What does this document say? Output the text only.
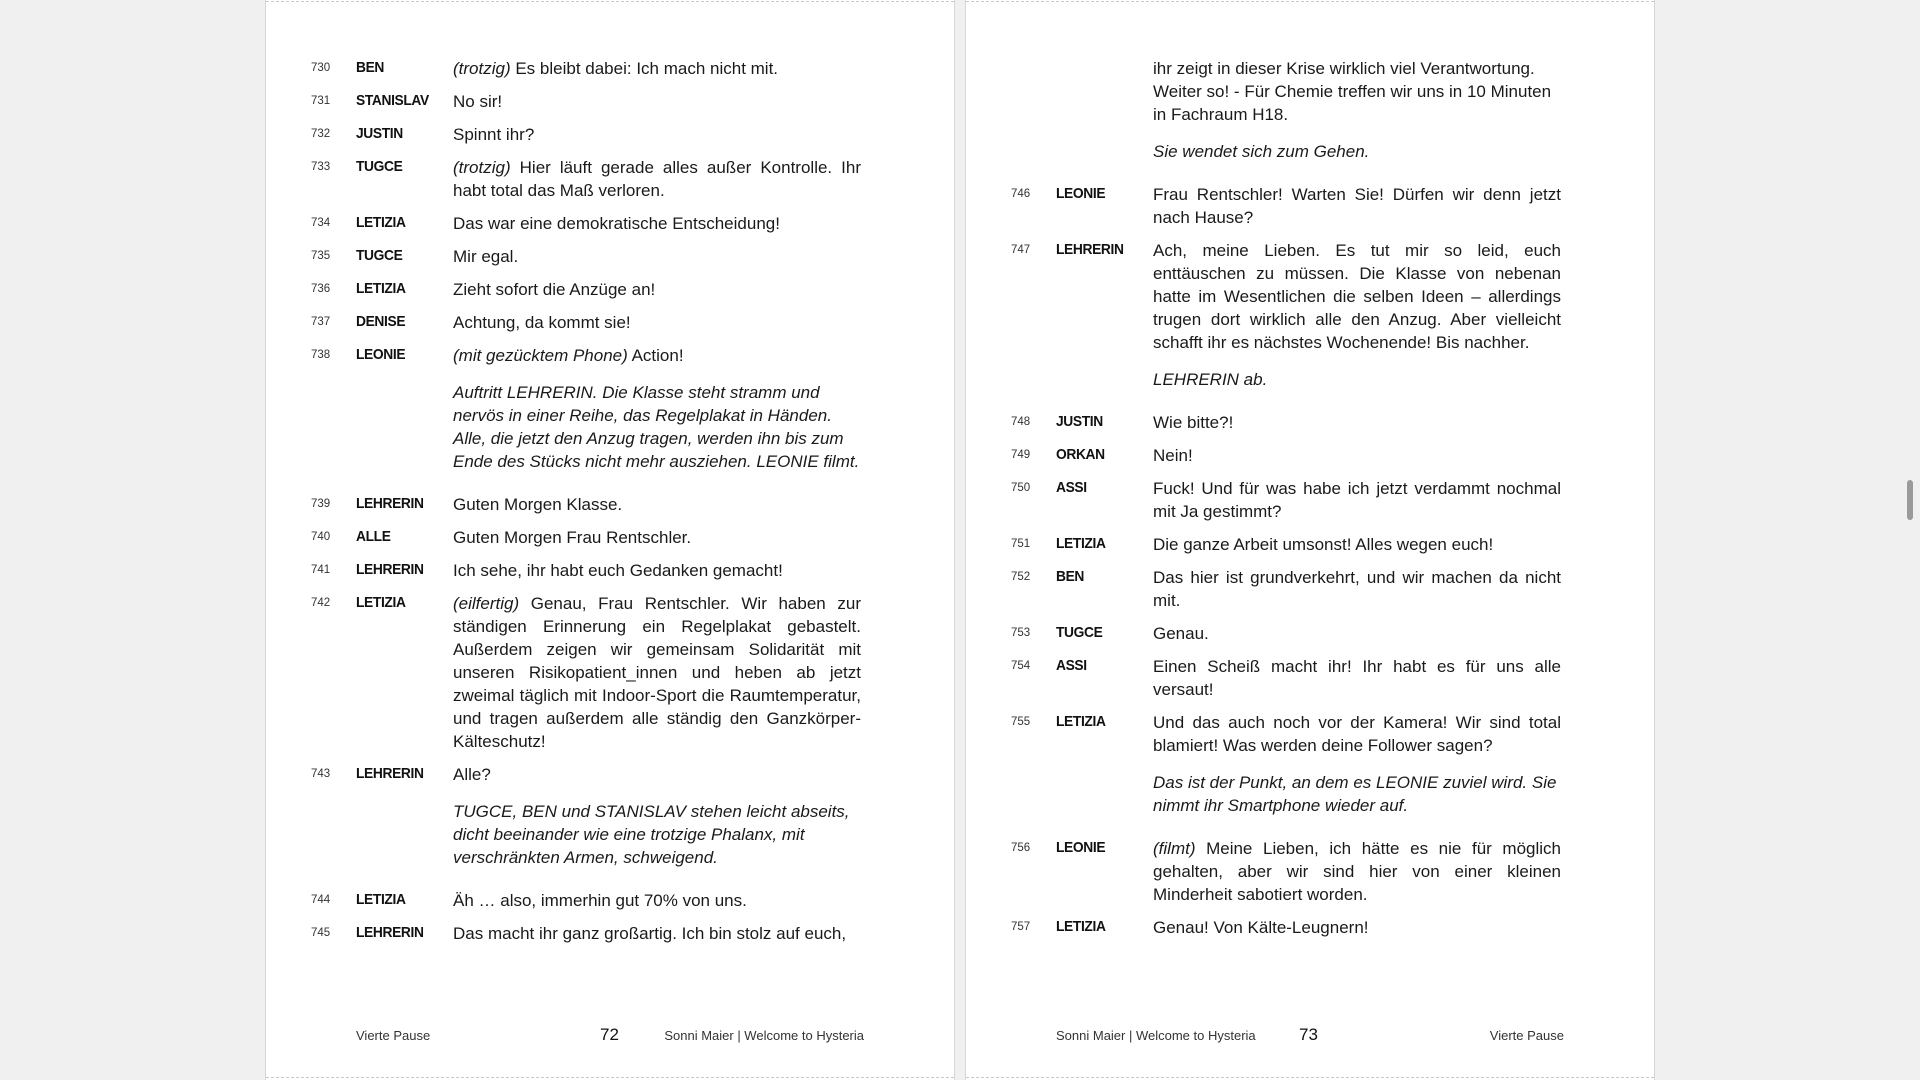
730	BEN	(trotzig) Es bleibt dabei: Ich mach nicht mit.
731	STANISLAV	No sir!
732	JUSTIN	Spinnt ihr?
733	TUGCE	(trotzig) Hier läuft gerade alles außer Kontrolle. Ihr habt total das Maß verloren.
734	LETIZIA	Das war eine demokratische Entscheidung!
735	TUGCE	Mir egal.
736	LETIZIA	Zieht sofort die Anzüge an!
737	DENISE	Achtung, da kommt sie!
738	LEONIE	(mit gezücktem Phone) Action!
Auftritt LEHRERIN. Die Klasse steht stramm und nervös in einer Reihe, das Regelplakat in Händen. Alle, die jetzt den Anzug tragen, werden ihn bis zum Ende des Stücks nicht mehr ausziehen. LEONIE filmt.
739	LEHRERIN	Guten Morgen Klasse.
740	ALLE	Guten Morgen Frau Rentschler.
741	LEHRERIN	Ich sehe, ihr habt euch Gedanken gemacht!
742	LETIZIA	(eilfertig) Genau, Frau Rentschler. Wir haben zur ständigen Erinnerung ein Regelplakat gebastelt. Außerdem zeigen wir gemeinsam Solidarität mit unseren Risikopatient_innen und heben ab jetzt zweimal täglich mit Indoor-Sport die Raumtemperatur, und tragen außerdem alle ständig den Ganzkörper-Kälteschutz!
743	LEHRERIN	Alle?
TUGCE, BEN und STANISLAV stehen leicht abseits, dicht beeinander wie eine trotzige Phalanx, mit verschränkten Armen, schweigend.
744	LETIZIA	Äh … also, immerhin gut 70% von uns.
745	LEHRERIN	Das macht ihr ganz großartig. Ich bin stolz auf euch,
Vierte Pause	72	Sonni Maier | Welcome to Hysteria
ihr zeigt in dieser Krise wirklich viel Verantwortung. Weiter so! - Für Chemie treffen wir uns in 10 Minuten in Fachraum H18.
Sie wendet sich zum Gehen.
746	LEONIE	Frau Rentschler! Warten Sie! Dürfen wir denn jetzt nach Hause?
747	LEHRERIN	Ach, meine Lieben. Es tut mir so leid, euch enttäuschen zu müssen. Die Klasse von nebenan hatte im Wesentlichen die selben Ideen – allerdings trugen dort wirklich alle den Anzug. Aber vielleicht schafft ihr es nächstes Wochenende! Bis nachher.
LEHRERIN ab.
748	JUSTIN	Wie bitte?!
749	ORKAN	Nein!
750	ASSI	Fuck! Und für was habe ich jetzt verdammt nochmal mit Ja gestimmt?
751	LETIZIA	Die ganze Arbeit umsonst! Alles wegen euch!
752	BEN	Das hier ist grundverkehrt, und wir machen da nicht mit.
753	TUGCE	Genau.
754	ASSI	Einen Scheiß macht ihr! Ihr habt es für uns alle versaut!
755	LETIZIA	Und das auch noch vor der Kamera! Wir sind total blamiert! Was werden deine Follower sagen?
Das ist der Punkt, an dem es LEONIE zuviel wird. Sie nimmt ihr Smartphone wieder auf.
756	LEONIE	(filmt) Meine Lieben, ich hätte es nie für möglich gehalten, aber wir sind hier von einer kleinen Minderheit sabotiert worden.
757	LETIZIA	Genau! Von Kälte-Leugnern!
Sonni Maier | Welcome to Hysteria	73	Vierte Pause
